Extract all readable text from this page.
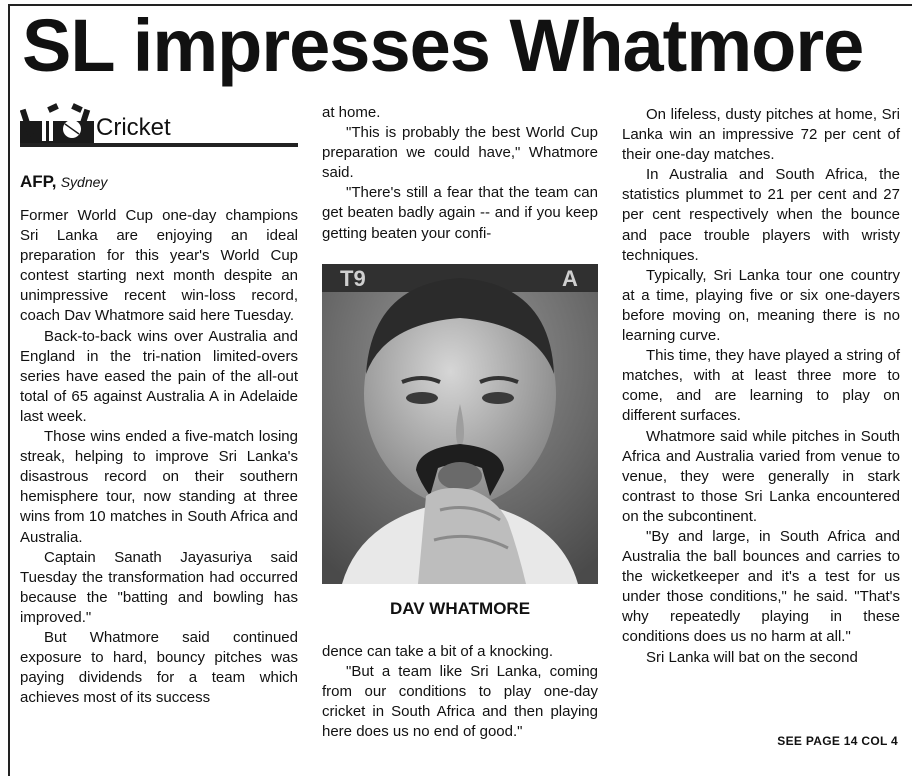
SL impresses Whatmore
Cricket
AFP, Sydney

Former World Cup one-day champions Sri Lanka are enjoying an ideal preparation for this year's World Cup contest starting next month despite an unimpressive recent win-loss record, coach Dav Whatmore said here Tuesday.

Back-to-back wins over Australia and England in the tri-nation limited-overs series have eased the pain of the all-out total of 65 against Australia A in Adelaide last week.

Those wins ended a five-match losing streak, helping to improve Sri Lanka's disastrous record on their southern hemisphere tour, now standing at three wins from 10 matches in South Africa and Australia.

Captain Sanath Jayasuriya said Tuesday the transformation had occurred because the "batting and bowling has improved."

But Whatmore said continued exposure to hard, bouncy pitches was paying dividends for a team which achieves most of its success

at home.

"This is probably the best World Cup preparation we could have," Whatmore said.

"There's still a fear that the team can get beaten badly again -- and if you keep getting beaten your confi-

T9	A
DAV WHATMORE

dence can take a bit of a knocking.

"But a team like Sri Lanka, coming from our conditions to play one-day cricket in South Africa and then playing here does us no end of good."

On lifeless, dusty pitches at home, Sri Lanka win an impressive 72 per cent of their one-day matches.

In Australia and South Africa, the statistics plummet to 21 per cent and 27 per cent respectively when the bounce and pace trouble players with wristy techniques.

Typically, Sri Lanka tour one country at a time, playing five or six one-dayers before moving on, meaning there is no learning curve.

This time, they have played a string of matches, with at least three more to come, and are learning to play on different surfaces.

Whatmore said while pitches in South Africa and Australia varied from venue to venue, they were generally in stark contrast to those Sri Lanka encountered on the subcontinent.

"By and large, in South Africa and Australia the ball bounces and carries to the wicketkeeper and it's a test for us under those conditions," he said. "That's why repeatedly playing in these conditions does us no harm at all."

Sri Lanka will bat on the second

SEE PAGE 14 COL 4
